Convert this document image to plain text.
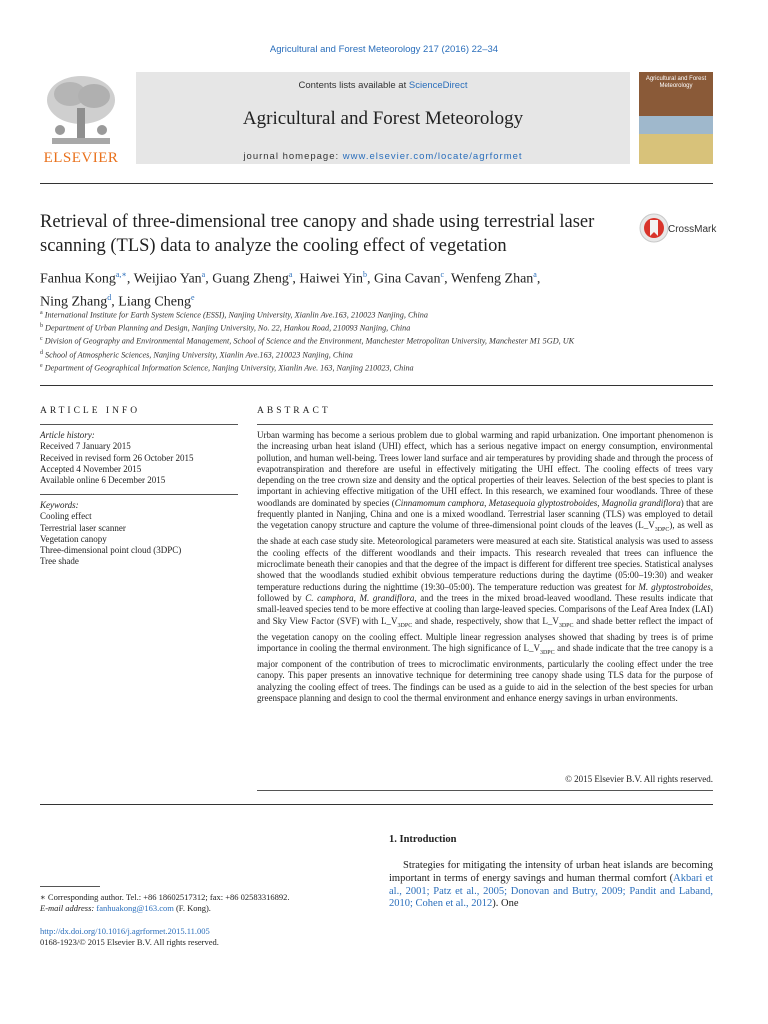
Agricultural and Forest Meteorology 217 (2016) 22–34
ELSEVIER
Contents lists available at ScienceDirect
Agricultural and Forest Meteorology
journal homepage: www.elsevier.com/locate/agrformet
Agricultural and Forest Meteorology
Retrieval of three-dimensional tree canopy and shade using terrestrial laser scanning (TLS) data to analyze the cooling effect of vegetation
CrossMark
Fanhua Kong$^{a,∗}$, Weijiao Yan$^a$, Guang Zheng$^a$, Haiwei Yin$^b$, Gina Cavan$^c$, Wenfeng Zhan$^a$,
Ning Zhang$^d$, Liang Cheng$^e$
$^a$ International Institute for Earth System Science (ESSI), Nanjing University, Xianlin Ave.163, 210023 Nanjing, China
$^b$ Department of Urban Planning and Design, Nanjing University, No. 22, Hankou Road, 210093 Nanjing, China
$^c$ Division of Geography and Environmental Management, School of Science and the Environment, Manchester Metropolitan University, Manchester M1 5GD, UK
$^d$ School of Atmospheric Sciences, Nanjing University, Xianlin Ave.163, 210023 Nanjing, China
$^e$ Department of Geographical Information Science, Nanjing University, Xianlin Ave. 163, Nanjing 210023, China
ARTICLE INFO	ABSTRACT
Article history:
Received 7 January 2015
Received in revised form 26 October 2015
Accepted 4 November 2015
Available online 6 December 2015
Keywords:
Cooling effect
Terrestrial laser scanner
Vegetation canopy
Three-dimensional point cloud (3DPC)
Tree shade
Urban warming has become a serious problem due to global warming and rapid urbanization. One important phenomenon is the increasing urban heat island (UHI) effect, which has a serious negative impact on energy consumption, environmental pollution, and human well-being. Trees lower land surface and air temperatures by providing shade and through the process of evapotranspiration and therefore are useful in effectively mitigating the UHI effect. The cooling effects of trees vary depending on the tree crown size and density and the optical properties of their leaves. Selection of the best species to plant is important in achieving effective mitigation of the UHI effect. In this research, we examined four woodlands. Three of these woodlands are dominated by species (Cinnamomum camphora, Metasequoia glyptostroboides, Magnolia grandiflora) that are frequently planted in Nanjing, China and one is a mixed woodland. Terrestrial laser scanning (TLS) was employed to detail the vegetation canopy structure and capture the volume of three-dimensional point clouds of the leaves $(L\_V_{3DPC})$, as well as the shade at each case study site. Meteorological parameters were measured at each site. Statistical analysis was used to assess the cooling effects of the different woodlands and their impacts. This research revealed that trees can influence the microclimate beneath their canopies and that the degree of the impact is different for different tree species. Statistical analyses showed that the woodlands studied exhibit obvious temperature reductions during the daytime (05:00–19:30) and weaker temperature reductions during the nighttime (19:30–05:00). The temperature reduction was greatest for M. glyptostroboides, followed by C. camphora, M. grandiflora, and the trees in the mixed broad-leaved woodland. These results indicate that small-leaved species tend to be more effective at cooling than large-leaved species. Comparisons of the Leaf Area Index (LAI) and Sky View Factor (SVF) with $L\_V_{3DPC}$ and shade, respectively, show that $L\_V_{3DPC}$ and shade better reflect the impact of the vegetation canopy on the cooling effect. Multiple linear regression analyses showed that shading by trees is of prime importance in cooling the thermal environment. The high significance of $L\_V_{3DPC}$ and shade indicate that the tree canopy is a major component of the contribution of trees to microclimatic environments, particularly the cooling effect under the tree canopy. This paper presents an innovative technique for determining tree canopy shade using TLS data for the purpose of analyzing the cooling effect of trees. The findings can be used as a guide to aid in the selection of the best species for urban greenspace planning and design to cool the thermal environment and enhance energy savings in urban environments.
© 2015 Elsevier B.V. All rights reserved.
1. Introduction
Strategies for mitigating the intensity of urban heat islands are becoming important in terms of energy savings and human thermal comfort (Akbari et al., 2001; Patz et al., 2005; Donovan and Butry, 2009; Pandit and Laband, 2010; Cohen et al., 2012). One
∗ Corresponding author. Tel.: +86 18602517312; fax: +86 02583316892.
E-mail address: fanhuakong@163.com (F. Kong).
http://dx.doi.org/10.1016/j.agrformet.2015.11.005
0168-1923/© 2015 Elsevier B.V. All rights reserved.
